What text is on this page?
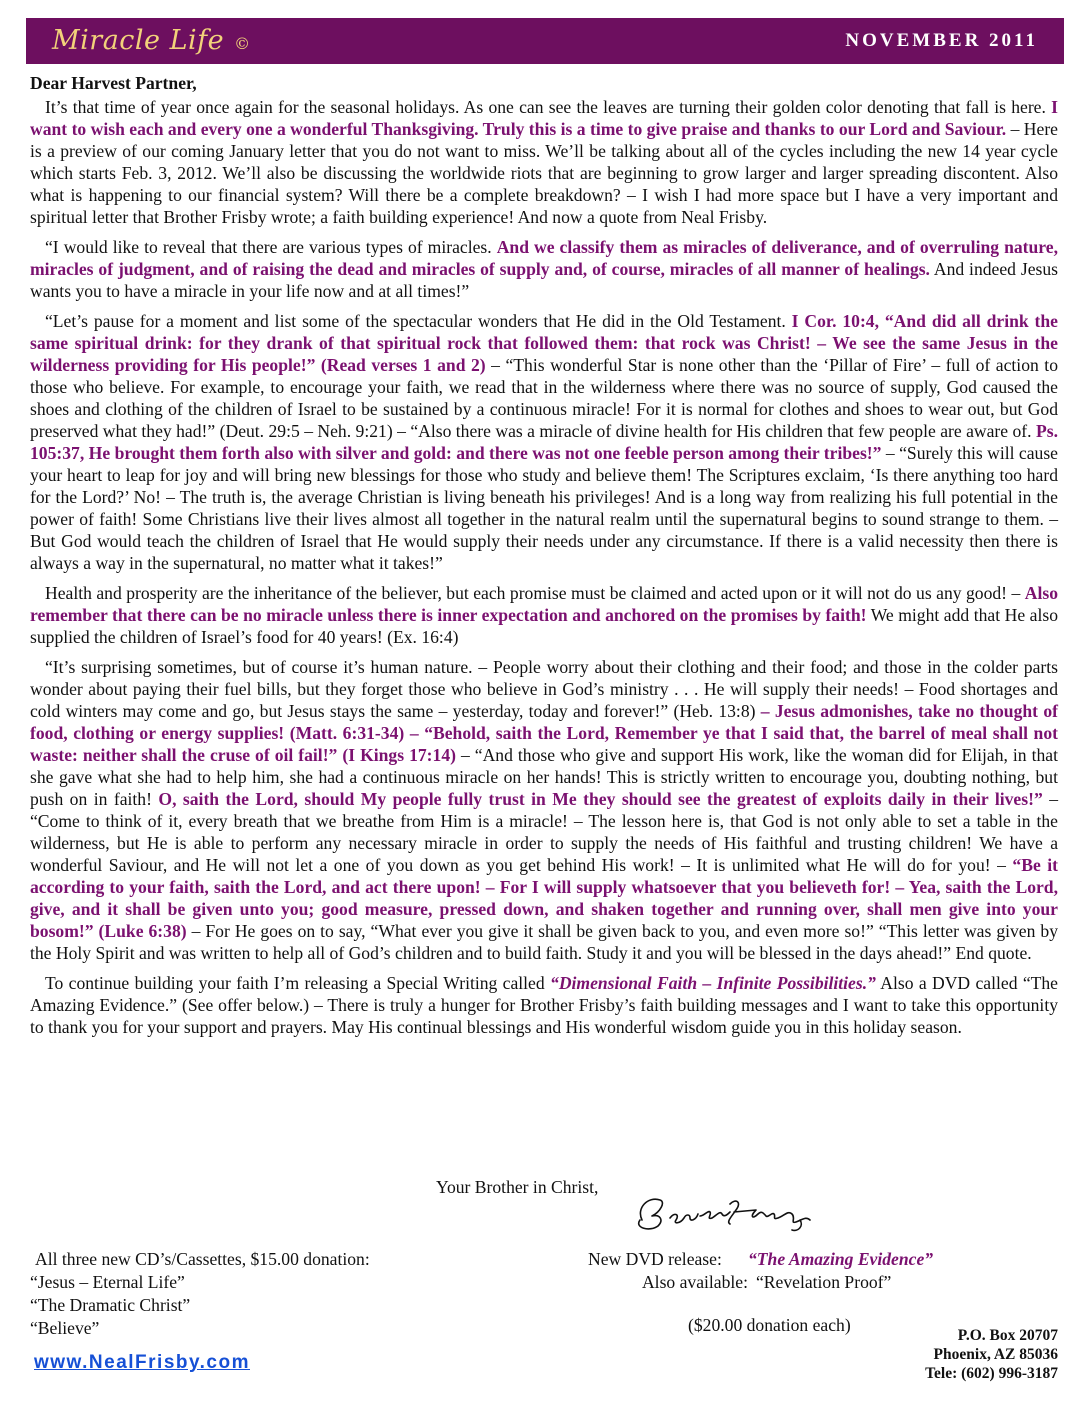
Miracle Life ©	NOVEMBER 2011
Dear Harvest Partner,

It’s that time of year once again for the seasonal holidays. As one can see the leaves are turning their golden color denoting that fall is here. I want to wish each and every one a wonderful Thanksgiving. Truly this is a time to give praise and thanks to our Lord and Saviour. – Here is a preview of our coming January letter that you do not want to miss. We’ll be talking about all of the cycles including the new 14 year cycle which starts Feb. 3, 2012. We’ll also be discussing the worldwide riots that are beginning to grow larger and larger spreading discontent. Also what is happening to our financial system? Will there be a complete breakdown? – I wish I had more space but I have a very important and spiritual letter that Brother Frisby wrote; a faith building experience! And now a quote from Neal Frisby.

“I would like to reveal that there are various types of miracles. And we classify them as miracles of deliverance, and of overruling nature, miracles of judgment, and of raising the dead and miracles of supply and, of course, miracles of all manner of healings. And indeed Jesus wants you to have a miracle in your life now and at all times!”

“Let’s pause for a moment and list some of the spectacular wonders that He did in the Old Testament. I Cor. 10:4, “And did all drink the same spiritual drink: for they drank of that spiritual rock that followed them: that rock was Christ! – We see the same Jesus in the wilderness providing for His people!” (Read verses 1 and 2) – “This wonderful Star is none other than the ‘Pillar of Fire’ – full of action to those who believe. For example, to encourage your faith, we read that in the wilderness where there was no source of supply, God caused the shoes and clothing of the children of Israel to be sustained by a continuous miracle! For it is normal for clothes and shoes to wear out, but God preserved what they had!” (Deut. 29:5 – Neh. 9:21) – “Also there was a miracle of divine health for His children that few people are aware of. Ps. 105:37, He brought them forth also with silver and gold: and there was not one feeble person among their tribes!” – “Surely this will cause your heart to leap for joy and will bring new blessings for those who study and believe them! The Scriptures exclaim, ‘Is there anything too hard for the Lord?’ No! – The truth is, the average Christian is living beneath his privileges! And is a long way from realizing his full potential in the power of faith! Some Christians live their lives almost all together in the natural realm until the supernatural begins to sound strange to them. – But God would teach the children of Israel that He would supply their needs under any circumstance. If there is a valid necessity then there is always a way in the supernatural, no matter what it takes!”

Health and prosperity are the inheritance of the believer, but each promise must be claimed and acted upon or it will not do us any good! – Also remember that there can be no miracle unless there is inner expectation and anchored on the promises by faith! We might add that He also supplied the children of Israel’s food for 40 years! (Ex. 16:4)

“It’s surprising sometimes, but of course it’s human nature. – People worry about their clothing and their food; and those in the colder parts wonder about paying their fuel bills, but they forget those who believe in God’s ministry . . . He will supply their needs! – Food shortages and cold winters may come and go, but Jesus stays the same – yesterday, today and forever!” (Heb. 13:8) – Jesus admonishes, take no thought of food, clothing or energy supplies! (Matt. 6:31-34) – “Behold, saith the Lord, Remember ye that I said that, the barrel of meal shall not waste: neither shall the cruse of oil fail!” (I Kings 17:14) – “And those who give and support His work, like the woman did for Elijah, in that she gave what she had to help him, she had a continuous miracle on her hands! This is strictly written to encourage you, doubting nothing, but push on in faith! O, saith the Lord, should My people fully trust in Me they should see the greatest of exploits daily in their lives!” – “Come to think of it, every breath that we breathe from Him is a miracle! – The lesson here is, that God is not only able to set a table in the wilderness, but He is able to perform any necessary miracle in order to supply the needs of His faithful and trusting children! We have a wonderful Saviour, and He will not let a one of you down as you get behind His work! – It is unlimited what He will do for you! – “Be it according to your faith, saith the Lord, and act there upon! – For I will supply whatsoever that you believeth for! – Yea, saith the Lord, give, and it shall be given unto you; good measure, pressed down, and shaken together and running over, shall men give into your bosom!” (Luke 6:38) – For He goes on to say, “What ever you give it shall be given back to you, and even more so!” “This letter was given by the Holy Spirit and was written to help all of God’s children and to build faith. Study it and you will be blessed in the days ahead!” End quote.

To continue building your faith I’m releasing a Special Writing called “Dimensional Faith – Infinite Possibilities.” Also a DVD called “The Amazing Evidence.” (See offer below.) – There is truly a hunger for Brother Frisby’s faith building messages and I want to take this opportunity to thank you for your support and prayers. May His continual blessings and His wonderful wisdom guide you in this holiday season.

Your Brother in Christ,
All three new CD’s/Cassettes, $15.00 donation:
“Jesus – Eternal Life”
“The Dramatic Christ”
“Believe”
New DVD release: “The Amazing Evidence”
Also available: “Revelation Proof”
($20.00 donation each)
www.NealFrisby.com
P.O. Box 20707
Phoenix, AZ 85036
Tele: (602) 996-3187
